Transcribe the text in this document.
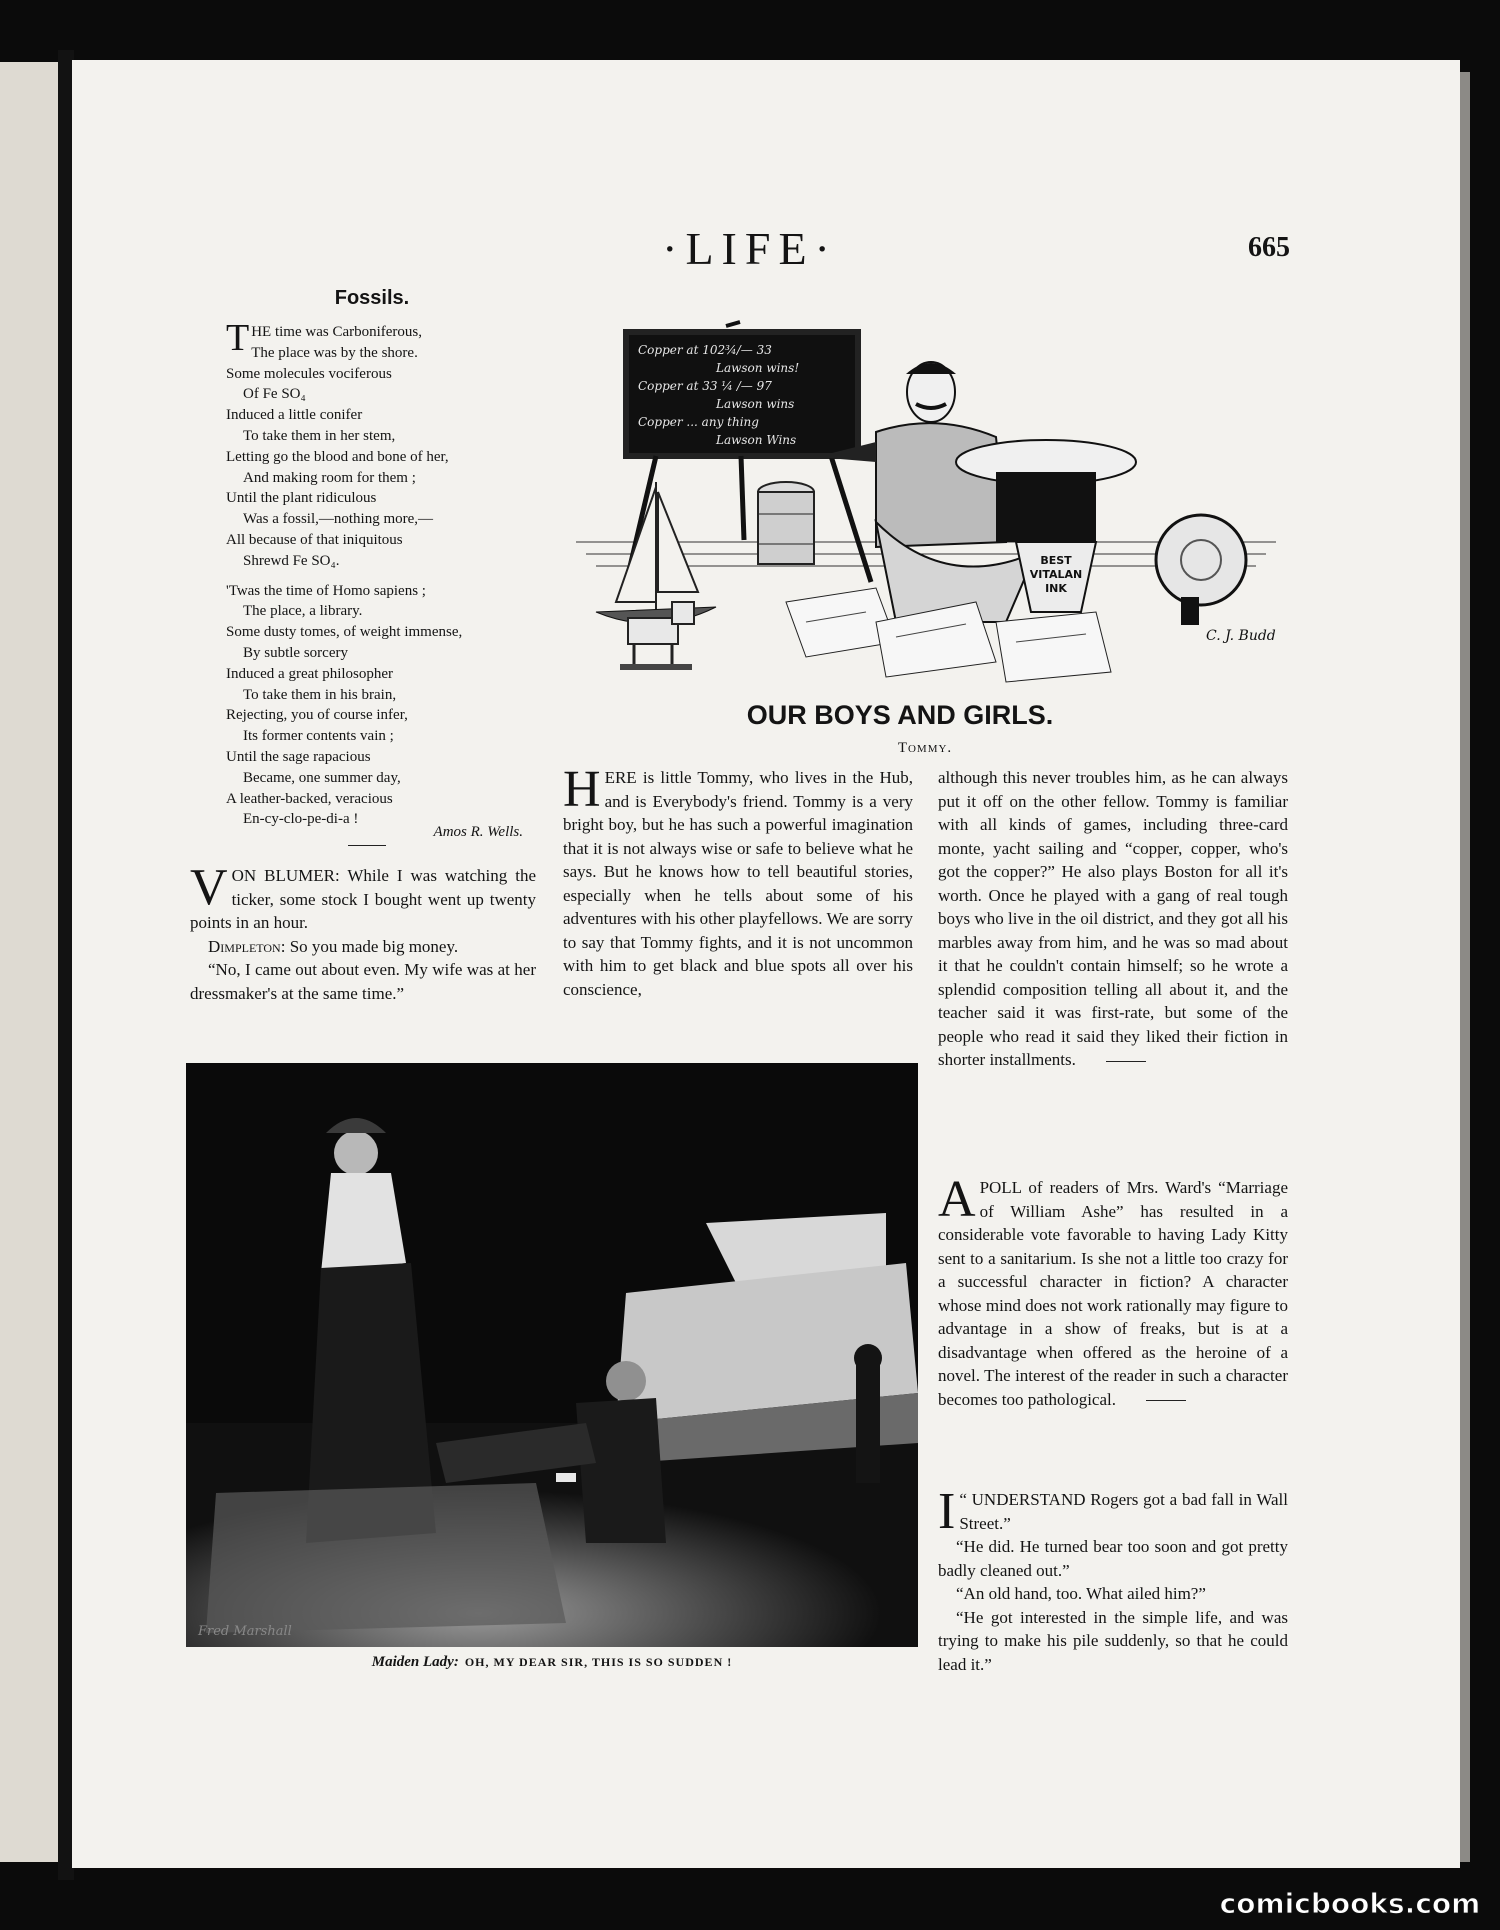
·LIFE·	665
Fossils.
THE time was Carboniferous,
The place was by the shore.
Some molecules vociferous
Of Fe SO₄
Induced a little conifer
To take them in her stem,
Letting go the blood and bone of her,
And making room for them ;
Until the plant ridiculous
Was a fossil,—nothing more,—
All because of that iniquitous
Shrewd Fe SO₄.
'Twas the time of Homo sapiens ;
The place, a library.
Some dusty tomes, of weight immense,
By subtle sorcery
Induced a great philosopher
To take them in his brain,
Rejecting, you of course infer,
Its former contents vain ;
Until the sage rapacious
Became, one summer day,
A leather-backed, veracious
En-cy-clo-pe-di-a !
Amos R. Wells.

VON BLUMER: While I was watching the ticker, some stock I bought went up twenty points in an hour.

Dimpleton: So you made big money.

“No, I came out about even. My wife was at her dressmaker's at the same time.”

Copper at 102¾/— 33
Lawson wins!
Copper at 33 ¼ /— 97
Lawson wins
Copper ... any thing
Lawson Wins
BEST
VITALAN
INK
C. J. Budd
OUR BOYS AND GIRLS.
Tommy.

HERE is little Tommy, who lives in the Hub, and is Everybody's friend. Tommy is a very bright boy, but he has such a powerful imagination that it is not always wise or safe to believe what he says. But he knows how to tell beautiful stories, especially when he tells about some of his adventures with his other playfellows. We are sorry to say that Tommy fights, and it is not uncommon with him to get black and blue spots all over his conscience,

although this never troubles him, as he can always put it off on the other fellow. Tommy is familiar with all kinds of games, including three-card monte, yacht sailing and “copper, copper, who's got the copper?” He also plays Boston for all it's worth. Once he played with a gang of real tough boys who live in the oil district, and they got all his marbles away from him, and he was so mad about it that he couldn't contain himself; so he wrote a splendid composition telling all about it, and the teacher said it was first-rate, but some of the people who read it said they liked their fiction in shorter installments.

APOLL of readers of Mrs. Ward's “Marriage of William Ashe” has resulted in a considerable vote favorable to having Lady Kitty sent to a sanitarium. Is she not a little too crazy for a successful character in fiction? A character whose mind does not work rationally may figure to advantage in a show of freaks, but is at a disadvantage when offered as the heroine of a novel. The interest of the reader in such a character becomes too pathological.

“
I UNDERSTAND Rogers got a bad fall in Wall Street.”

“He did. He turned bear too soon and got pretty badly cleaned out.”

“An old hand, too. What ailed him?”

“He got interested in the simple life, and was trying to make his pile suddenly, so that he could lead it.”

Fred Marshall
Maiden Lady: OH, MY DEAR SIR, THIS IS SO SUDDEN !
comicbooks.com
